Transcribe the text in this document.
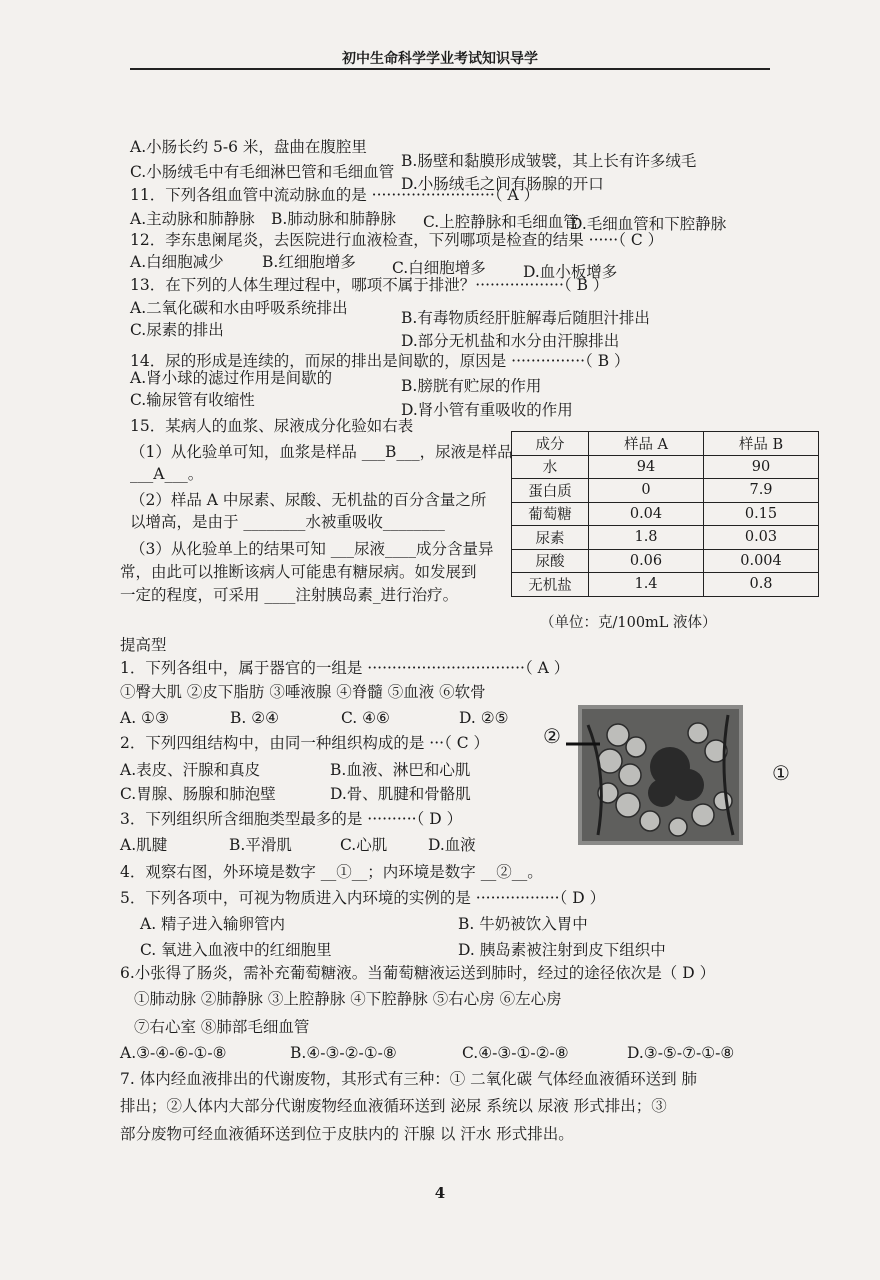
初中生命科学学业考试知识导学
A.小肠长约 5-6 米，盘曲在腹腔里
B.肠壁和黏膜形成皱襞，其上长有许多绒毛
C.小肠绒毛中有毛细淋巴管和毛细血管
D.小肠绒毛之间有肠腺的开口
11．下列各组血管中流动脉血的是 ·························（ A ）
A.主动脉和肺静脉 B.肺动脉和肺静脉 C.上腔静脉和毛细血管
D.毛细血管和下腔静脉
12．李东患阑尾炎，去医院进行血液检查，下列哪项是检查的结果 ······（ C ）
A.白细胞减少 B.红细胞增多 C.白细胞增多 D.血小板增多
13．在下列的人体生理过程中，哪项不属于排泄？··················（ B ）
A.二氧化碳和水由呼吸系统排出
B.有毒物质经肝脏解毒后随胆汁排出
C.尿素的排出
D.部分无机盐和水分由汗腺排出
14．尿的形成是连续的，而尿的排出是间歇的，原因是 ···············（ B ）
A.肾小球的滤过作用是间歇的	B.膀胱有贮尿的作用
C.输尿管有收缩性
D.肾小管有重吸收的作用
15．某病人的血浆、尿液成分化验如右表
（1）从化验单可知，血浆是样品 ___B___，尿液是样品
___A___。
（2）样品 A 中尿素、尿酸、无机盐的百分含量之所
以增高，是由于 ________水被重吸收________
（3）从化验单上的结果可知 ___尿液____成分含量异
常，由此可以推断该病人可能患有糖尿病。如发展到
一定的程度，可采用 ____注射胰岛素_进行治疗。
提高型
1．下列各组中，属于器官的一组是 ································（ A ）
①臀大肌 ②皮下脂肪 ③唾液腺 ④脊髓 ⑤血液 ⑥软骨
A. ①③	B. ②④	C. ④⑥	D. ②⑤
2．下列四组结构中，由同一种组织构成的是 ···（ C ）
A.表皮、汗腺和真皮	B.血液、淋巴和心肌
C.胃腺、肠腺和肺泡壁	D.骨、肌腱和骨骼肌
3．下列组织所含细胞类型最多的是 ··········（ D ）
A.肌腱	B.平滑肌	C.心肌	D.血液
4．观察右图，外环境是数字 __①__；内环境是数字 __②__。
5．下列各项中，可视为物质进入内环境的实例的是 ·················（ D ）
A. 精子进入输卵管内	B. 牛奶被饮入胃中
C. 氧进入血液中的红细胞里	D. 胰岛素被注射到皮下组织中
6.小张得了肠炎，需补充葡萄糖液。当葡萄糖液运送到肺时，经过的途径依次是（ D ）
①肺动脉 ②肺静脉 ③上腔静脉 ④下腔静脉 ⑤右心房 ⑥左心房
⑦右心室 ⑧肺部毛细血管
A.③-④-⑥-①-⑧	B.④-③-②-①-⑧	C.④-③-①-②-⑧	D.③-⑤-⑦-①-⑧
7. 体内经血液排出的代谢废物，其形式有三种：① 二氧化碳 气体经血液循环送到 肺
排出；②人体内大部分代谢废物经血液循环送到 泌尿 系统以 尿液 形式排出；③
部分废物可经血液循环送到位于皮肤内的 汗腺 以 汗水 形式排出。
成分	样品 A	样品 B
水	94	90
蛋白质	0	7.9
葡萄糖	0.04	0.15
尿素	1.8	0.03
尿酸	0.06	0.004
无机盐	1.4	0.8
（单位：克/100mL 液体）
②
①
4
